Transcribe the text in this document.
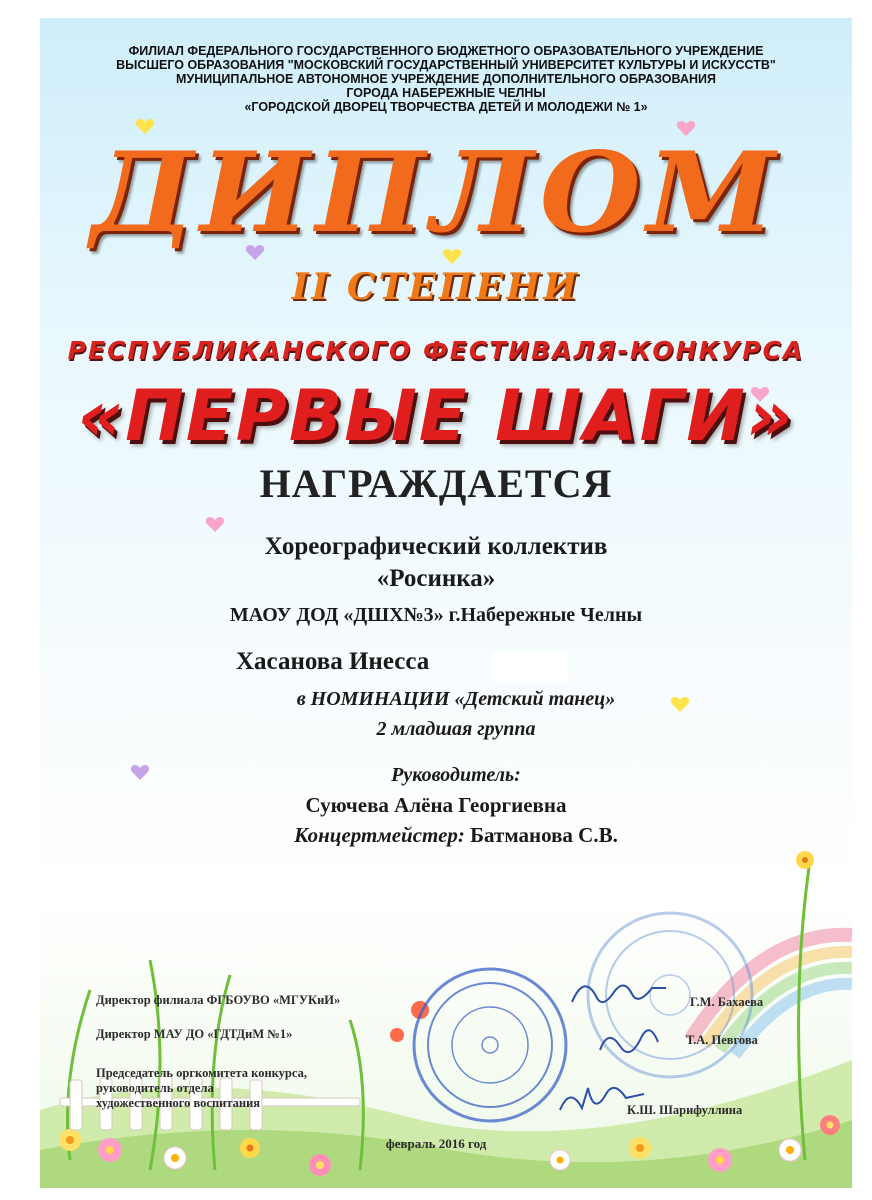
ФИЛИАЛ ФЕДЕРАЛЬНОГО ГОСУДАРСТВЕННОГО БЮДЖЕТНОГО ОБРАЗОВАТЕЛЬНОГО УЧРЕЖДЕНИЕ
ВЫСШЕГО ОБРАЗОВАНИЯ "МОСКОВСКИЙ ГОСУДАРСТВЕННЫЙ УНИВЕРСИТЕТ КУЛЬТУРЫ И ИСКУССТВ"
МУНИЦИПАЛЬНОЕ АВТОНОМНОЕ УЧРЕЖДЕНИЕ ДОПОЛНИТЕЛЬНОГО ОБРАЗОВАНИЯ
ГОРОДА НАБЕРЕЖНЫЕ ЧЕЛНЫ
«ГОРОДСКОЙ ДВОРЕЦ ТВОРЧЕСТВА ДЕТЕЙ И МОЛОДЕЖИ № 1»
ДИПЛОМ
II СТЕПЕНИ
РЕСПУБЛИКАНСКОГО ФЕСТИВАЛЯ-КОНКУРСА
«ПЕРВЫЕ ШАГИ»
НАГРАЖДАЕТСЯ
Хореографический коллектив
«Росинка»
МАОУ ДОД «ДШХ№3» г.Набережные Челны
Хасанова Инесса
в НОМИНАЦИИ «Детский танец»
2 младшая группа
Руководитель:
Суючева Алёна Георгиевна
Концертмейстер: Батманова С.В.
Директор филиала ФГБОУВО «МГУКиИ»
Директор МАУ ДО «ГДТДиМ №1»
Председатель оргкомитета конкурса,
руководитель отдела
художественного воспитания
Г.М. Бахаева
Т.А. Певгова
К.Ш. Шарифуллина
февраль 2016 год
